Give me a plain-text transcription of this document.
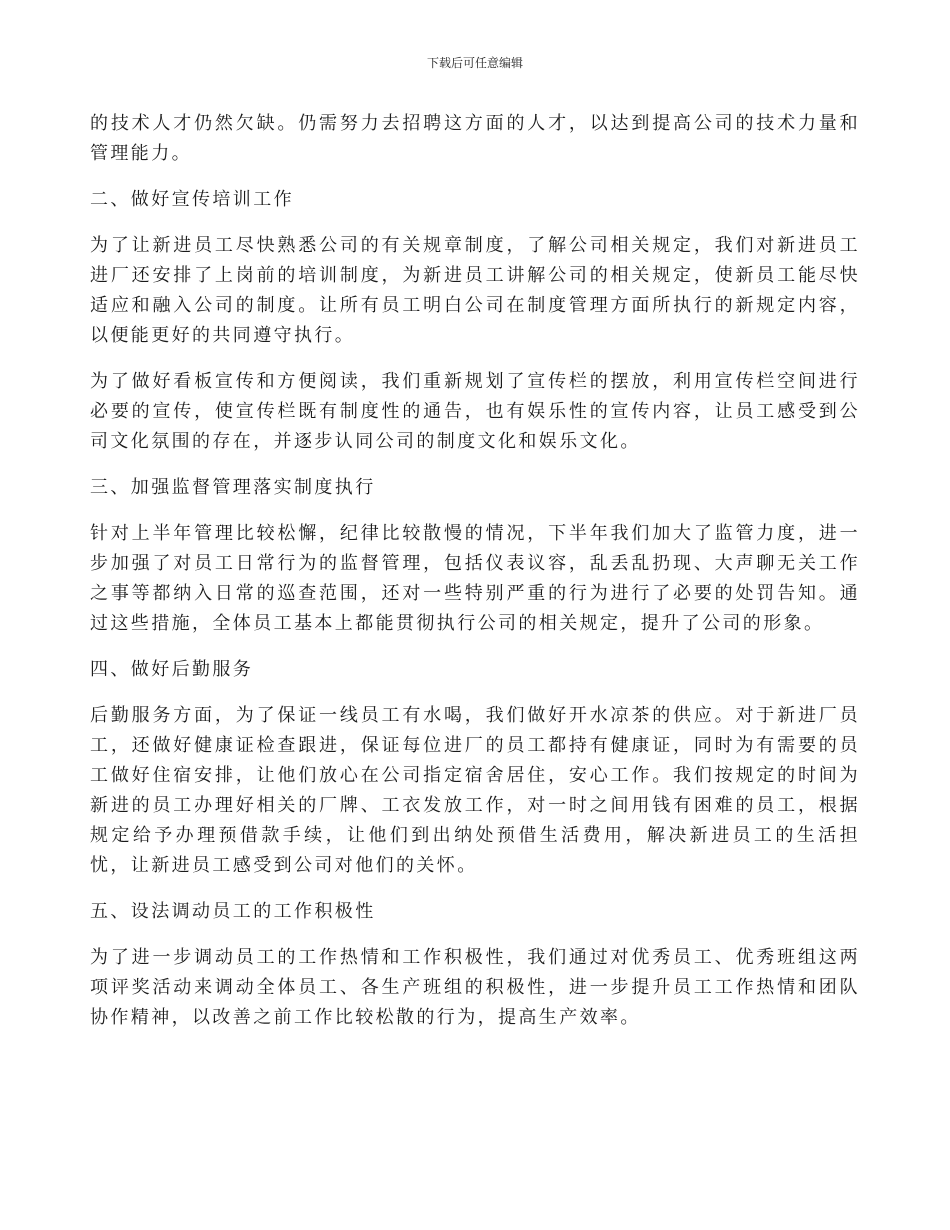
下载后可任意编辑

的技术人才仍然欠缺。仍需努力去招聘这方面的人才，以达到提高公司的技术力量和管理能力。

二、做好宣传培训工作

为了让新进员工尽快熟悉公司的有关规章制度，了解公司相关规定，我们对新进员工进厂还安排了上岗前的培训制度，为新进员工讲解公司的相关规定，使新员工能尽快适应和融入公司的制度。让所有员工明白公司在制度管理方面所执行的新规定内容，以便能更好的共同遵守执行。

为了做好看板宣传和方便阅读，我们重新规划了宣传栏的摆放，利用宣传栏空间进行必要的宣传，使宣传栏既有制度性的通告，也有娱乐性的宣传内容，让员工感受到公司文化氛围的存在，并逐步认同公司的制度文化和娱乐文化。

三、加强监督管理落实制度执行

针对上半年管理比较松懈，纪律比较散慢的情况，下半年我们加大了监管力度，进一步加强了对员工日常行为的监督管理，包括仪表议容，乱丢乱扔现、大声聊无关工作之事等都纳入日常的巡查范围，还对一些特别严重的行为进行了必要的处罚告知。通过这些措施，全体员工基本上都能贯彻执行公司的相关规定，提升了公司的形象。

四、做好后勤服务

后勤服务方面，为了保证一线员工有水喝，我们做好开水凉茶的供应。对于新进厂员工，还做好健康证检查跟进，保证每位进厂的员工都持有健康证，同时为有需要的员工做好住宿安排，让他们放心在公司指定宿舍居住，安心工作。我们按规定的时间为新进的员工办理好相关的厂牌、工衣发放工作，对一时之间用钱有困难的员工，根据规定给予办理预借款手续，让他们到出纳处预借生活费用，解决新进员工的生活担忧，让新进员工感受到公司对他们的关怀。

五、设法调动员工的工作积极性

为了进一步调动员工的工作热情和工作积极性，我们通过对优秀员工、优秀班组这两项评奖活动来调动全体员工、各生产班组的积极性，进一步提升员工工作热情和团队协作精神，以改善之前工作比较松散的行为，提高生产效率。
